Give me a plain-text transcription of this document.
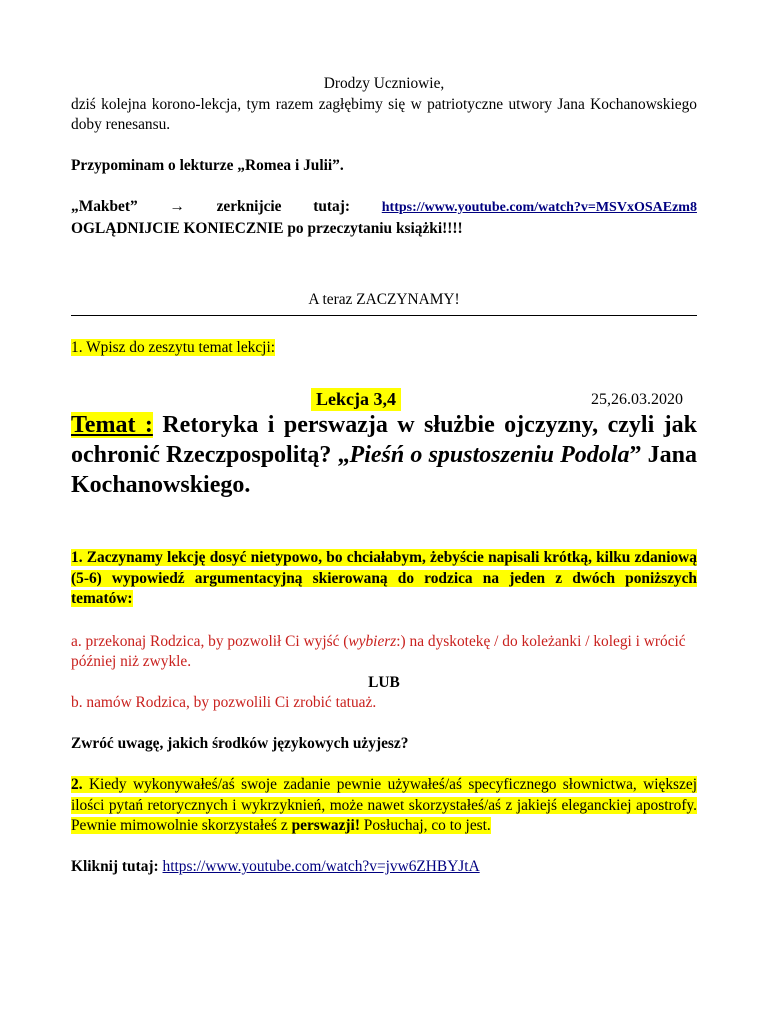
Drodzy Uczniowie,

dziś kolejna korono-lekcja, tym razem zagłębimy się w patriotyczne utwory Jana Kochanowskiego doby renesansu.

Przypominam o lekturze „Romea i Julii”.

„Makbet” → zerknijcie tutaj: https://www.youtube.com/watch?v=MSVxOSAEzm8

OGLĄDNIJCIE KONIECZNIE po przeczytaniu książki!!!!

A teraz ZACZYNAMY!

1. Wpisz do zeszytu temat lekcji:

Lekcja 3,4	25,26.03.2020

Temat : Retoryka i perswazja w służbie ojczyzny, czyli jak ochronić Rzeczpospolitą? „Pieśń o spustoszeniu Podola” Jana Kochanowskiego.

1. Zaczynamy lekcję dosyć nietypowo, bo chciałabym, żebyście napisali krótką, kilku zdaniową (5-6) wypowiedź argumentacyjną skierowaną do rodzica na jeden z dwóch poniższych tematów:

a. przekonaj Rodzica, by pozwolił Ci wyjść (wybierz:) na dyskotekę / do koleżanki / kolegi i wrócić później niż zwykle.

LUB

b. namów Rodzica, by pozwolili Ci zrobić tatuaż.

Zwróć uwagę, jakich środków językowych użyjesz?

2. Kiedy wykonywałeś/aś swoje zadanie pewnie używałeś/aś specyficznego słownictwa, większej ilości pytań retorycznych i wykrzyknień, może nawet skorzystałeś/aś z jakiejś eleganckiej apostrofy. Pewnie mimowolnie skorzystałeś z perswazji! Posłuchaj, co to jest.

Kliknij tutaj: https://www.youtube.com/watch?v=jvw6ZHBYJtA
